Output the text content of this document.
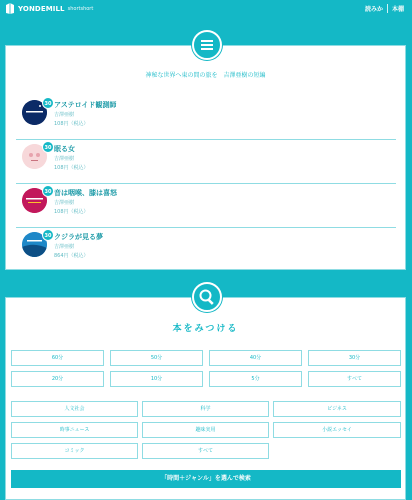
YONDEMILL shortshort	読みか	本棚
神秘な世界へ東の間の旅を　吉澤亜樹の短編
30 アステロイド観測師
吉澤亜樹
108円（税込）
30 眠る女
吉澤亜樹
108円（税込）
30 音は咽喉、膝は喜怒
吉澤亜樹
108円（税込）
30 クジラが見る夢
吉澤亜樹
864円（税込）
本をみつける
60分	50分	40分	30分
20分	10分	5分	すべて
人文社会	科学	ビジネス
時事ニュース	趣味実用	小説エッセイ
コミック	すべて
「時間＋ジャンル」を選んで検索
